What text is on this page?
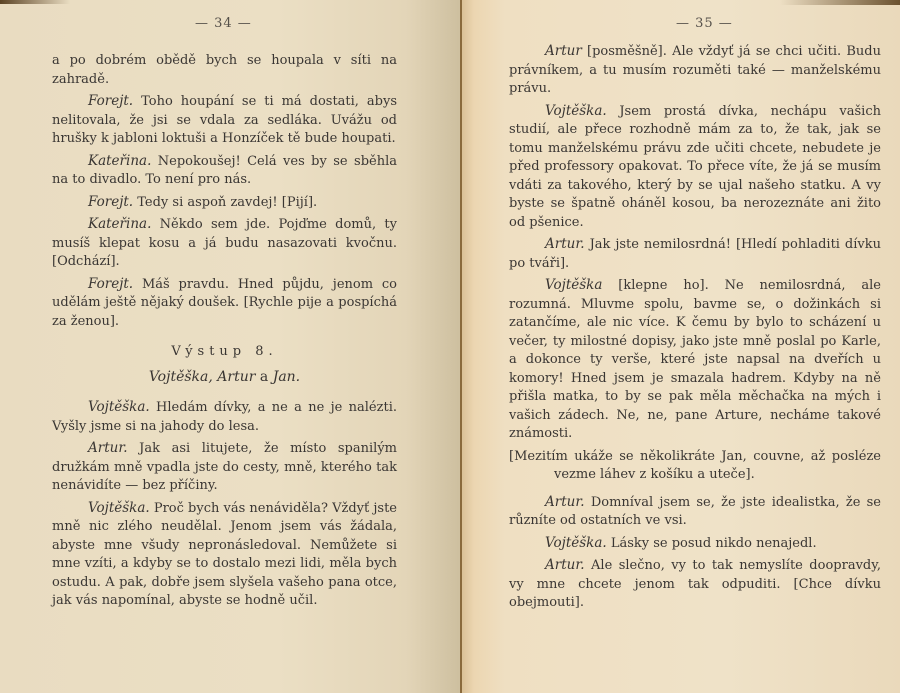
— 34 —

a po dobrém obědě bych se houpala v síti na zahradě.

Forejt. Toho houpání se ti má dostati, abys nelitovala, že jsi se vdala za sedláka. Uvážu od hrušky k jabloni loktuši a Honzíček tě bude houpati.

Kateřina. Nepokoušej! Celá ves by se sběhla na to divadlo. To není pro nás.

Forejt. Tedy si aspoň zavdej! [Pijí].

Kateřina. Někdo sem jde. Pojďme domů, ty musíš klepat kosu a já budu nasazovati kvočnu. [Odchází].

Forejt. Máš pravdu. Hned půjdu, jenom co udělám ještě nějaký doušek. [Rychle pije a pospíchá za ženou].

Výstup 8.
Vojtěška, Artur a Jan.

Vojtěška. Hledám dívky, a ne a ne je nalézti. Vyšly jsme si na jahody do lesa.

Artur. Jak asi litujete, že místo spanilým družkám mně vpadla jste do cesty, mně, kterého tak nenávidíte — bez příčiny.

Vojtěška. Proč bych vás nenáviděla? Vždyť jste mně nic zlého neudělal. Jenom jsem vás žádala, abyste mne všudy nepronásledoval. Nemůžete si mne vzíti, a kdyby se to dostalo mezi lidi, měla bych ostudu. A pak, dobře jsem slyšela vašeho pana otce, jak vás napomínal, abyste se hodně učil.

— 35 —

Artur [posměšně]. Ale vždyť já se chci učiti. Budu právníkem, a tu musím rozuměti také — manželskému právu.

Vojtěška. Jsem prostá dívka, nechápu vašich studií, ale přece rozhodně mám za to, že tak, jak se tomu manželskému právu zde učiti chcete, nebudete je před professory opakovat. To přece víte, že já se musím vdáti za takového, který by se ujal našeho statku. A vy byste se špatně oháněl kosou, ba nerozeznáte ani žito od pšenice.

Artur. Jak jste nemilosrdná! [Hledí pohladiti dívku po tváři].

Vojtěška [klepne ho]. Ne nemilosrdná, ale rozumná. Mluvme spolu, bavme se, o dožinkách si zatančíme, ale nic více. K čemu by bylo to scházení u večer, ty milostné dopisy, jako jste mně poslal po Karle, a dokonce ty verše, které jste napsal na dveřích u komory! Hned jsem je smazala hadrem. Kdyby na ně přišla matka, to by se pak měla měchačka na mých i vašich zádech. Ne, ne, pane Arture, necháme takové známosti.

[Mezitím ukáže se několikráte Jan, couvne, až posléze vezme láhev z košíku a uteče].

Artur. Domníval jsem se, že jste idealistka, že se různíte od ostatních ve vsi.

Vojtěška. Lásky se posud nikdo nenajedl.

Artur. Ale slečno, vy to tak nemyslíte doopravdy, vy mne chcete jenom tak odpuditi. [Chce dívku obejmouti].
